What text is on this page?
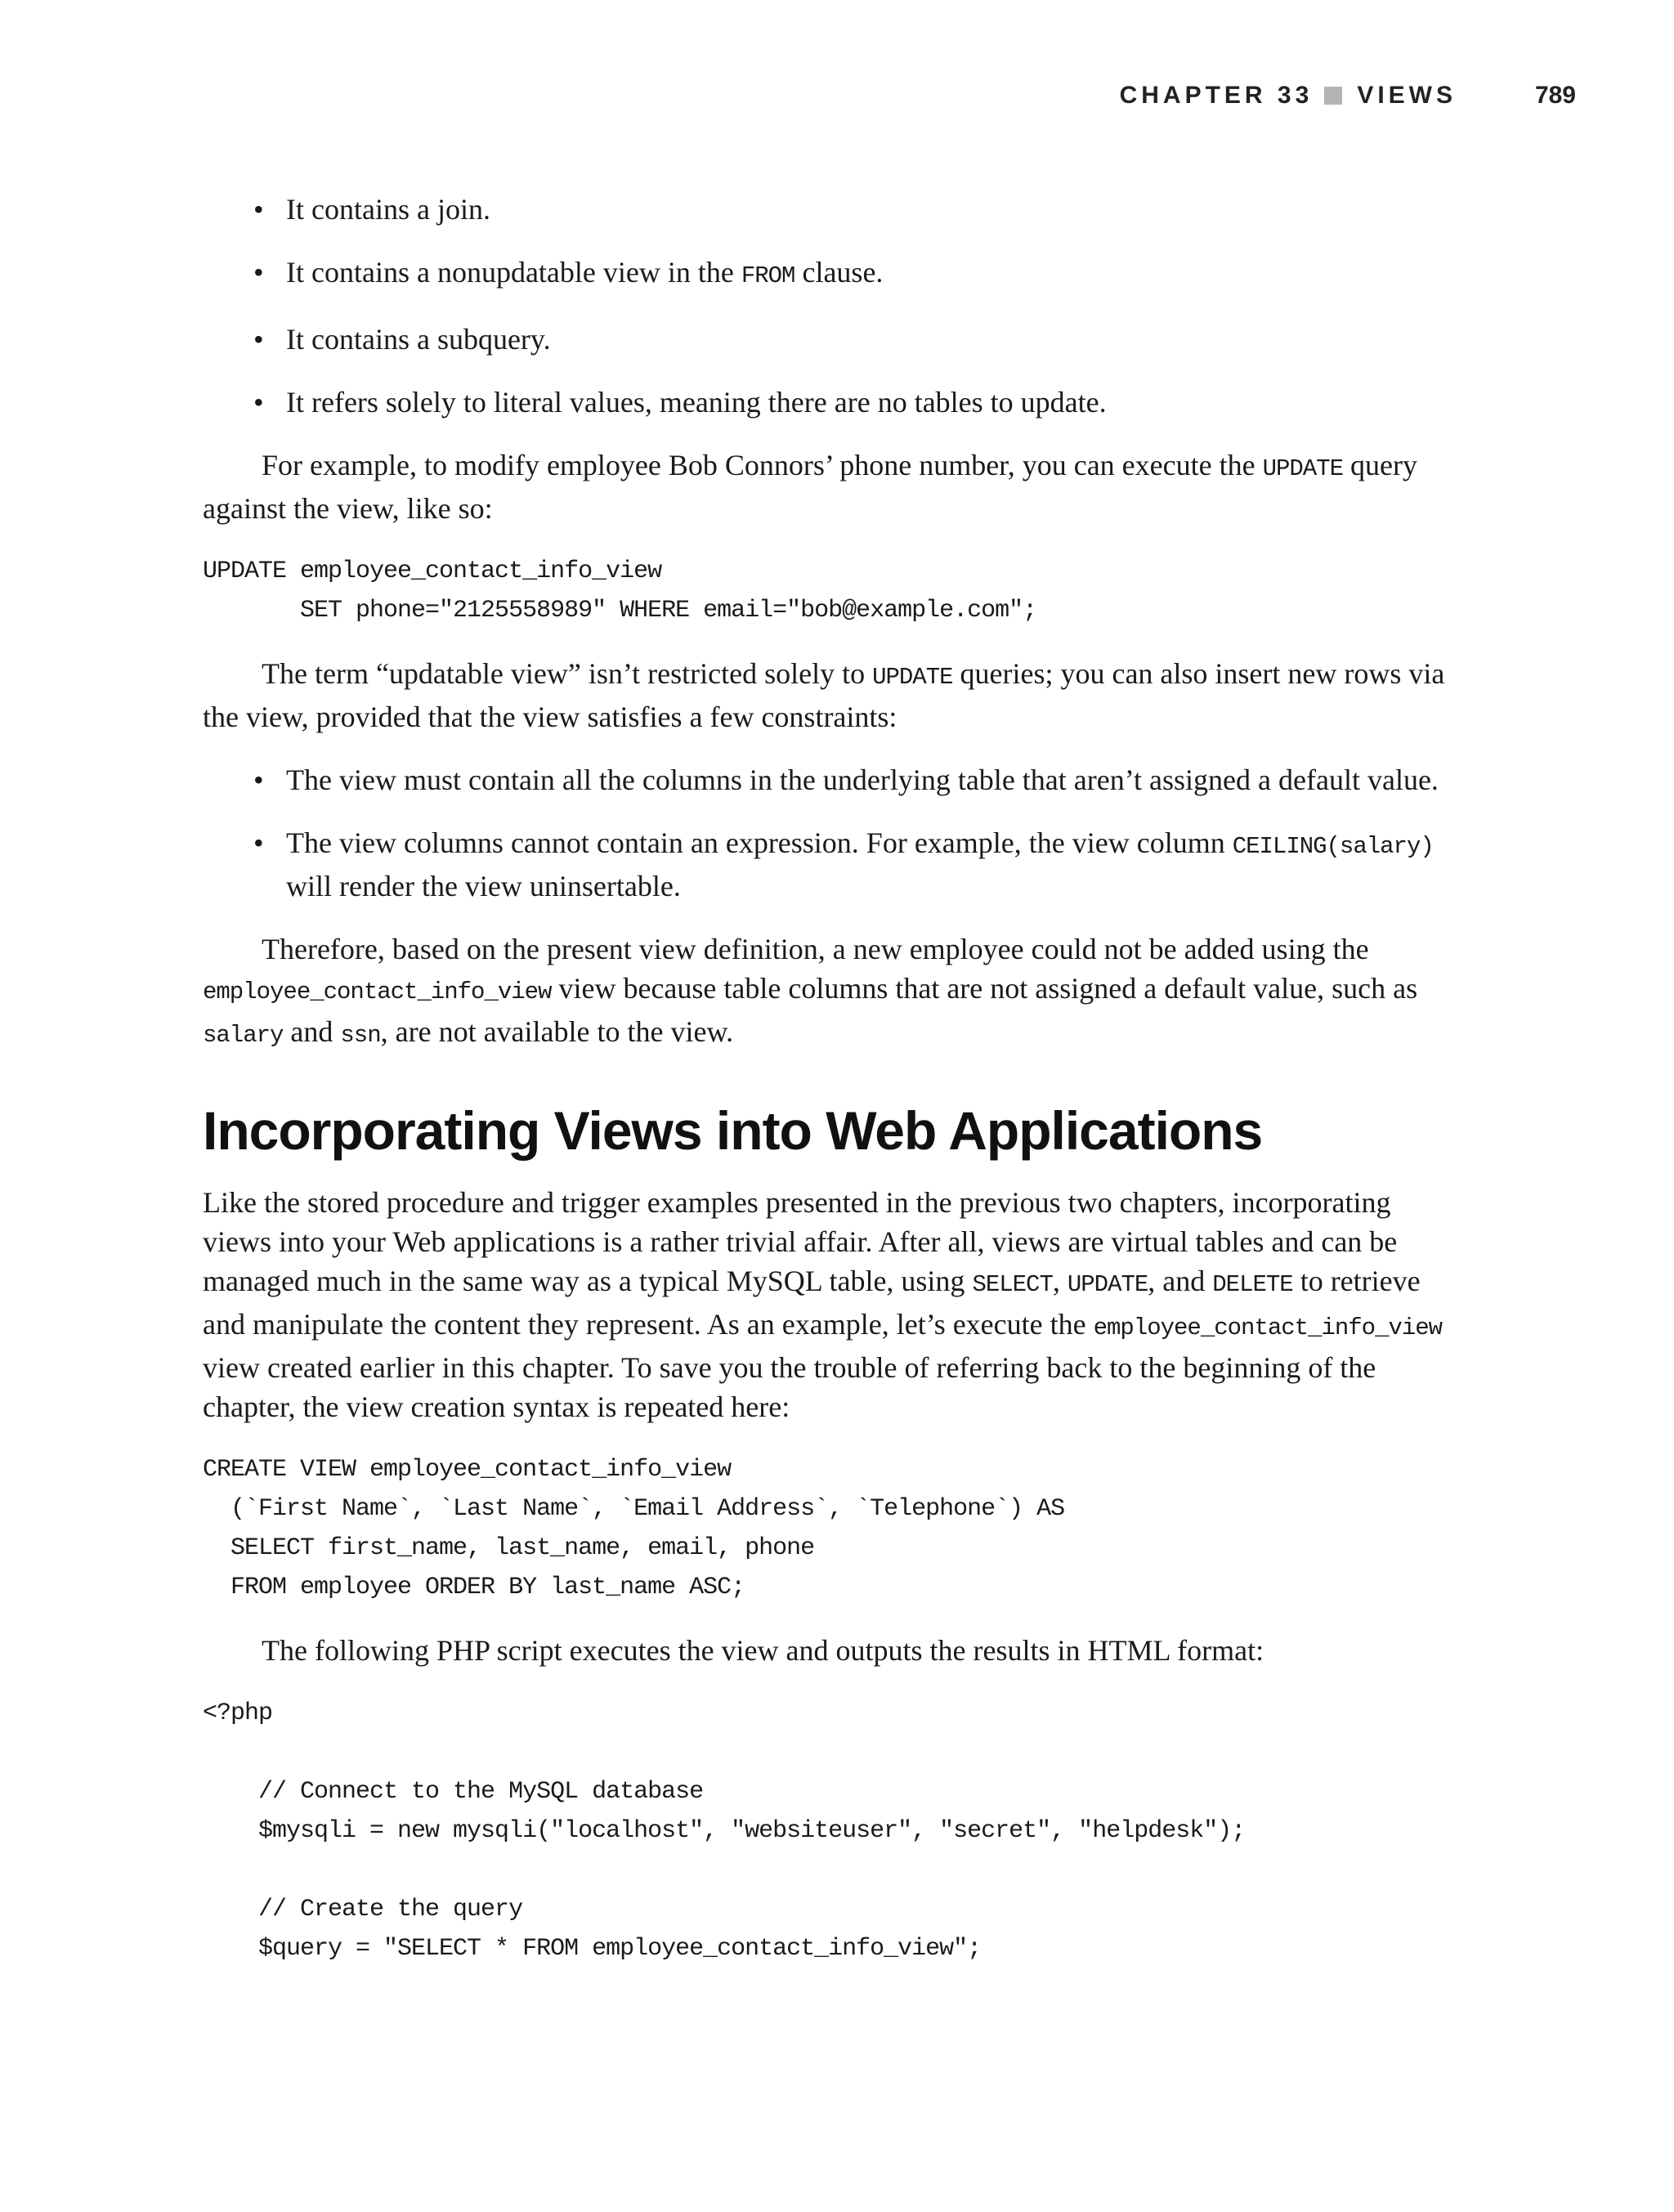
CHAPTER 33 VIEWS	789
• It contains a join.
• It contains a nonupdatable view in the FROM clause.
• It contains a subquery.
• It refers solely to literal values, meaning there are no tables to update.

For example, to modify employee Bob Connors’ phone number, you can execute the UPDATE query against the view, like so:

UPDATE employee_contact_info_view
SET phone="2125558989" WHERE email="bob@example.com";

The term “updatable view” isn’t restricted solely to UPDATE queries; you can also insert new rows via the view, provided that the view satisfies a few constraints:

• The view must contain all the columns in the underlying table that aren’t assigned a default value.
• The view columns cannot contain an expression. For example, the view column CEILING(salary) will render the view uninsertable.

Therefore, based on the present view definition, a new employee could not be added using the employee_contact_info_view view because table columns that are not assigned a default value, such as salary and ssn, are not available to the view.

Incorporating Views into Web Applications

Like the stored procedure and trigger examples presented in the previous two chapters, incorporating views into your Web applications is a rather trivial affair. After all, views are virtual tables and can be managed much in the same way as a typical MySQL table, using SELECT, UPDATE, and DELETE to retrieve and manipulate the content they represent. As an example, let’s execute the employee_contact_info_view view created earlier in this chapter. To save you the trouble of referring back to the beginning of the chapter, the view creation syntax is repeated here:

CREATE VIEW employee_contact_info_view
(`First Name`, `Last Name`, `Email Address`, `Telephone`) AS
SELECT first_name, last_name, email, phone
FROM employee ORDER BY last_name ASC;

The following PHP script executes the view and outputs the results in HTML format:

<?php

// Connect to the MySQL database
$mysqli = new mysqli("localhost", "websiteuser", "secret", "helpdesk");

// Create the query
$query = "SELECT * FROM employee_contact_info_view";
